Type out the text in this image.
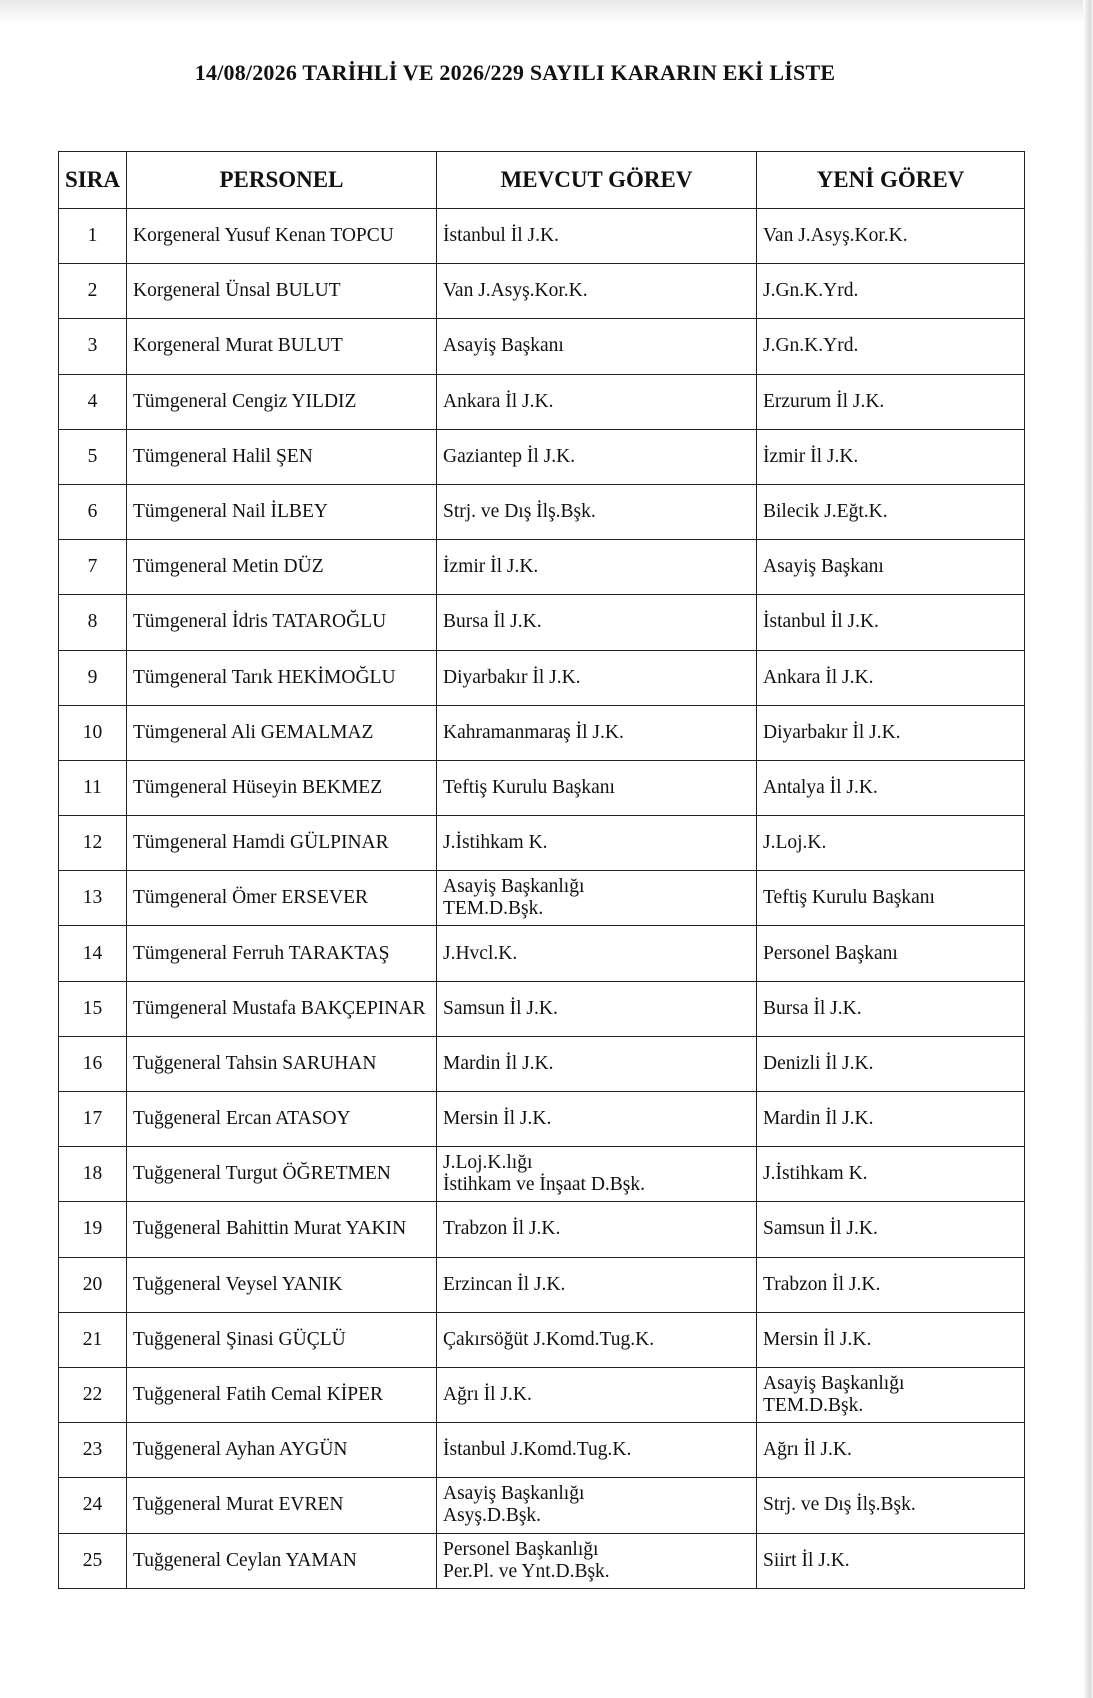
14/08/2026 TARİHLİ VE 2026/229 SAYILI KARARIN EKİ LİSTE
SIRA	PERSONEL	MEVCUT GÖREV	YENİ GÖREV
1	Korgeneral Yusuf Kenan TOPCU	İstanbul İl J.K.	Van J.Asyş.Kor.K.

2	Korgeneral Ünsal BULUT	Van J.Asyş.Kor.K.	J.Gn.K.Yrd.

3	Korgeneral Murat BULUT	Asayiş Başkanı	J.Gn.K.Yrd.

4	Tümgeneral Cengiz YILDIZ	Ankara İl J.K.	Erzurum İl J.K.

5	Tümgeneral Halil ŞEN	Gaziantep İl J.K.	İzmir İl J.K.

6	Tümgeneral Nail İLBEY	Strj. ve Dış İlş.Bşk.	Bilecik J.Eğt.K.

7	Tümgeneral Metin DÜZ	İzmir İl J.K.	Asayiş Başkanı

8	Tümgeneral İdris TATAROĞLU	Bursa İl J.K.	İstanbul İl J.K.

9	Tümgeneral Tarık HEKİMOĞLU	Diyarbakır İl J.K.	Ankara İl J.K.

10	Tümgeneral Ali GEMALMAZ	Kahramanmaraş İl J.K.	Diyarbakır İl J.K.

11	Tümgeneral Hüseyin BEKMEZ	Teftiş Kurulu Başkanı	Antalya İl J.K.

12	Tümgeneral Hamdi GÜLPINAR	J.İstihkam K.	J.Loj.K.

13	Tümgeneral Ömer ERSEVER	Asayiş Başkanlığı
TEM.D.Bşk.	Teftiş Kurulu Başkanı

14	Tümgeneral Ferruh TARAKTAŞ	J.Hvcl.K.	Personel Başkanı

15	Tümgeneral Mustafa BAKÇEPINAR	Samsun İl J.K.	Bursa İl J.K.

16	Tuğgeneral Tahsin SARUHAN	Mardin İl J.K.	Denizli İl J.K.

17	Tuğgeneral Ercan ATASOY	Mersin İl J.K.	Mardin İl J.K.

18	Tuğgeneral Turgut ÖĞRETMEN	J.Loj.K.lığı
İstihkam ve İnşaat D.Bşk.	J.İstihkam K.

19	Tuğgeneral Bahittin Murat YAKIN	Trabzon İl J.K.	Samsun İl J.K.

20	Tuğgeneral Veysel YANIK	Erzincan İl J.K.	Trabzon İl J.K.

21	Tuğgeneral Şinasi GÜÇLÜ	Çakırsöğüt J.Komd.Tug.K.	Mersin İl J.K.

22	Tuğgeneral Fatih Cemal KİPER	Ağrı İl J.K.	Asayiş Başkanlığı
TEM.D.Bşk.

23	Tuğgeneral Ayhan AYGÜN	İstanbul J.Komd.Tug.K.	Ağrı İl J.K.

24	Tuğgeneral Murat EVREN	Asayiş Başkanlığı
Asyş.D.Bşk.	Strj. ve Dış İlş.Bşk.

25	Tuğgeneral Ceylan YAMAN	Personel Başkanlığı
Per.Pl. ve Ynt.D.Bşk.	Siirt İl J.K.
